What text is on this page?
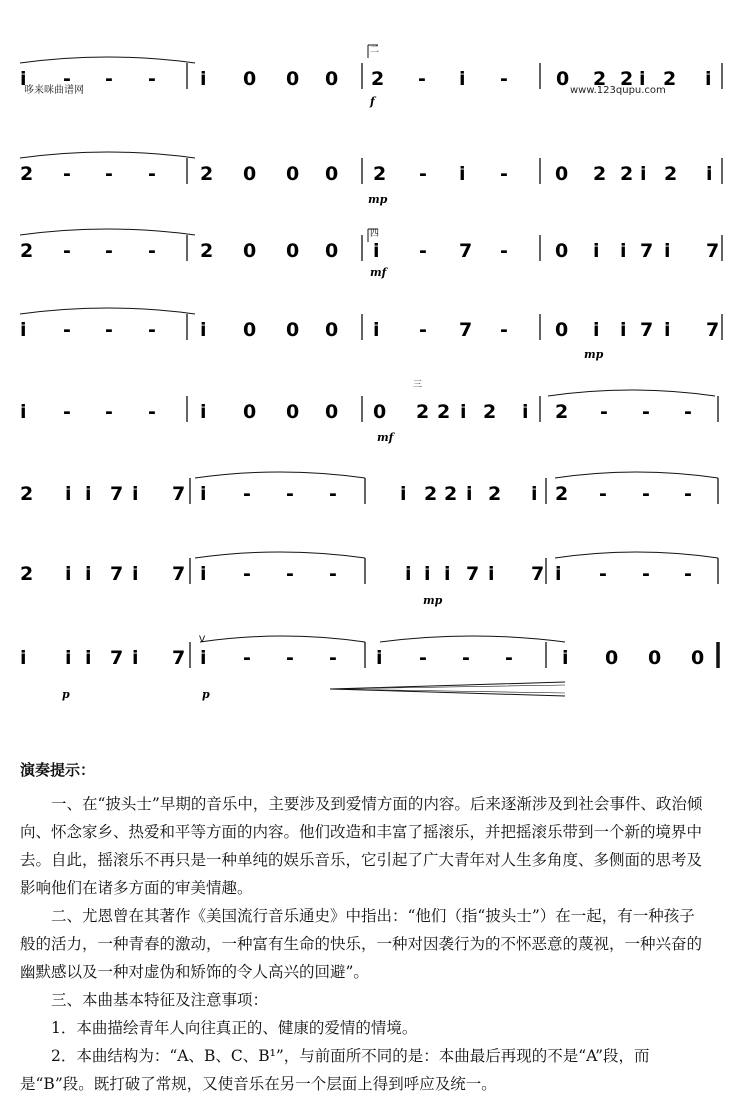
i - - - i 0 0 0 2 - i -	0 2 2 i 2 i
2 - - - 2 0 0 0 2 - i - 0 2 2 i 2 i
2 - - - 2 0 0 0 i - 7 - 0 i i 7 i 7
i - - - i 0 0 0 i - 7 - 0 i i 7 i 7
i - - - i 0 0 0 0 2 2 i 2 i 2 - - -
2 i i 7 i 7 i - - -	i 2 2 i 2 i 2 - - -
2 i i 7 i 7 i - - -	i i i 7 i 7 i - - -
i i i 7 i 7 i - - - i - - -	i 0 0 0
哆来咪曲谱网	www.123qupu.com
f
mp
mf
mp
mf
mp
p	p
二
四
三
V
演奏提示：

一、在“披头士”早期的音乐中，主要涉及到爱情方面的内容。后来逐渐涉及到社会事件、政治倾向、怀念家乡、热爱和平等方面的内容。他们改造和丰富了摇滚乐，并把摇滚乐带到一个新的境界中去。自此，摇滚乐不再只是一种单纯的娱乐音乐，它引起了广大青年对人生多角度、多侧面的思考及影响他们在诸多方面的审美情趣。

二、尤恩曾在其著作《美国流行音乐通史》中指出：“他们（指“披头士”）在一起，有一种孩子般的活力，一种青春的激动，一种富有生命的快乐，一种对因袭行为的不怀恶意的蔑视，一种兴奋的幽默感以及一种对虚伪和矫饰的令人高兴的回避”。

三、本曲基本特征及注意事项：

1．本曲描绘青年人向往真正的、健康的爱情的情境。

2．本曲结构为：“A、B、C、B¹”，与前面所不同的是：本曲最后再现的不是“A”段，而是“B”段。既打破了常规，又使音乐在另一个层面上得到呼应及统一。
